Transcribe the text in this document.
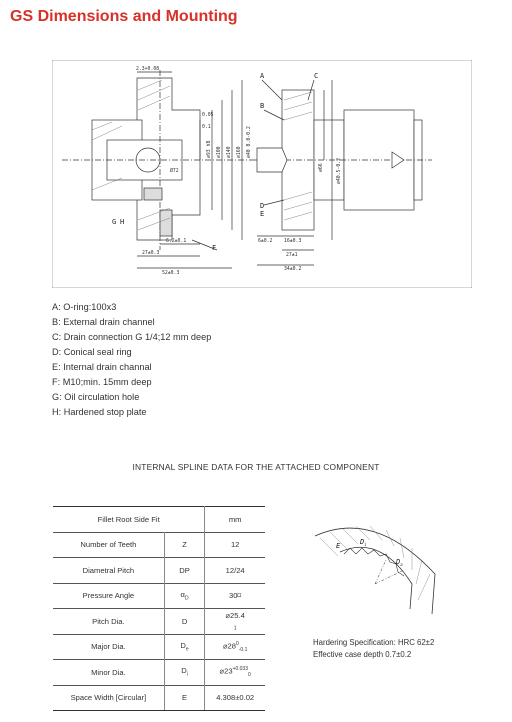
GS Dimensions and Mounting
2.3+0.08
0.05
0.1
6.2±0.1
27±0.3
52±0.3
6±0.2 16±0.3
27±1
34±0.2
Ø72
⌀93 h8 ⌀100 ⌀140 ⌀160 ⌀40 8.0-0.2
⌀66	⌀40.5-0.2
A
B
C
D
E
F
G H
A: O-ring:100x3
B: External drain channel
C: Drain connection G 1/4;12 mm deep
D: Conical seal ring
E: Internal drain channal
F: M10;min. 15mm deep
G: Oil circulation hole
H: Hardened stop plate
INTERNAL SPLINE DATA FOR THE ATTACHED COMPONENT
Fillet Root Side Fit		mm
Number of Teeth	Z	12
Diametral Pitch	DP	12/24
Pressure Angle	$\alpha_D$	30⌑
Pitch Dia.	D	⌀25.4
$_1$
Major Dia.	$D_e$	$⌀28^0_{-0.1}$
Minor Dia.	$D_i$	$⌀23^{+0.033}_0$
Space Width [Circular]	E	4.308±0.02
E	$D_i$
$D_a$
Hardering Specification: HRC 62±2
Effective case depth 0.7±0.2
